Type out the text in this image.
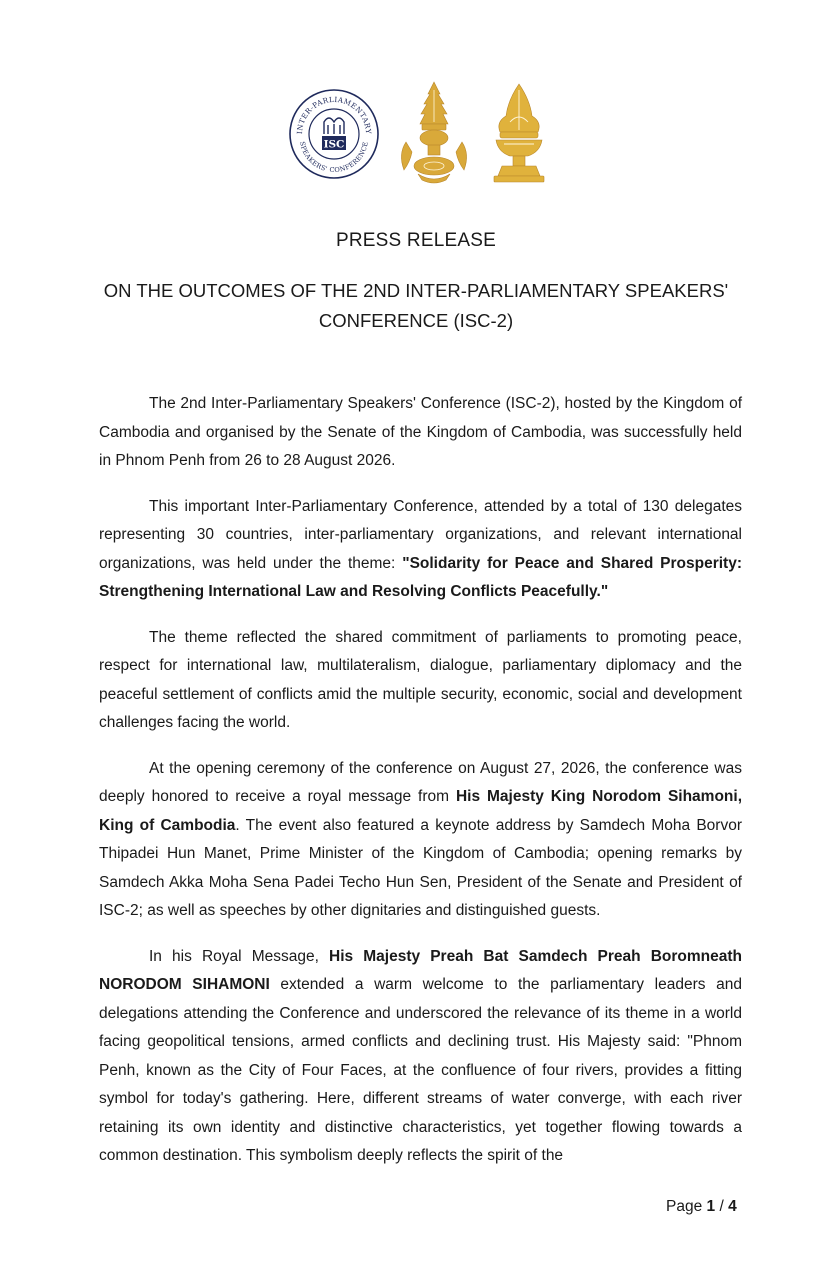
INTER-PARLIAMENTARY
SPEAKERS' CONFERENCE
ISC

PRESS RELEASE

ON THE OUTCOMES OF THE 2ND INTER-PARLIAMENTARY SPEAKERS'
CONFERENCE (ISC-2)

The 2nd Inter-Parliamentary Speakers' Conference (ISC-2), hosted by the Kingdom of Cambodia and organised by the Senate of the Kingdom of Cambodia, was successfully held in Phnom Penh from 26 to 28 August 2026.

This important Inter-Parliamentary Conference, attended by a total of 130 delegates representing 30 countries, inter-parliamentary organizations, and relevant international organizations, was held under the theme: "Solidarity for Peace and Shared Prosperity: Strengthening International Law and Resolving Conflicts Peacefully."

The theme reflected the shared commitment of parliaments to promoting peace, respect for international law, multilateralism, dialogue, parliamentary diplomacy and the peaceful settlement of conflicts amid the multiple security, economic, social and development challenges facing the world.

At the opening ceremony of the conference on August 27, 2026, the conference was deeply honored to receive a royal message from His Majesty King Norodom Sihamoni, King of Cambodia. The event also featured a keynote address by Samdech Moha Borvor Thipadei Hun Manet, Prime Minister of the Kingdom of Cambodia; opening remarks by Samdech Akka Moha Sena Padei Techo Hun Sen, President of the Senate and President of ISC-2; as well as speeches by other dignitaries and distinguished guests.

In his Royal Message, His Majesty Preah Bat Samdech Preah Boromneath NORODOM SIHAMONI extended a warm welcome to the parliamentary leaders and delegations attending the Conference and underscored the relevance of its theme in a world facing geopolitical tensions, armed conflicts and declining trust. His Majesty said: "Phnom Penh, known as the City of Four Faces, at the confluence of four rivers, provides a fitting symbol for today's gathering. Here, different streams of water converge, with each river retaining its own identity and distinctive characteristics, yet together flowing towards a common destination. This symbolism deeply reflects the spirit of the

Page 1 / 4
